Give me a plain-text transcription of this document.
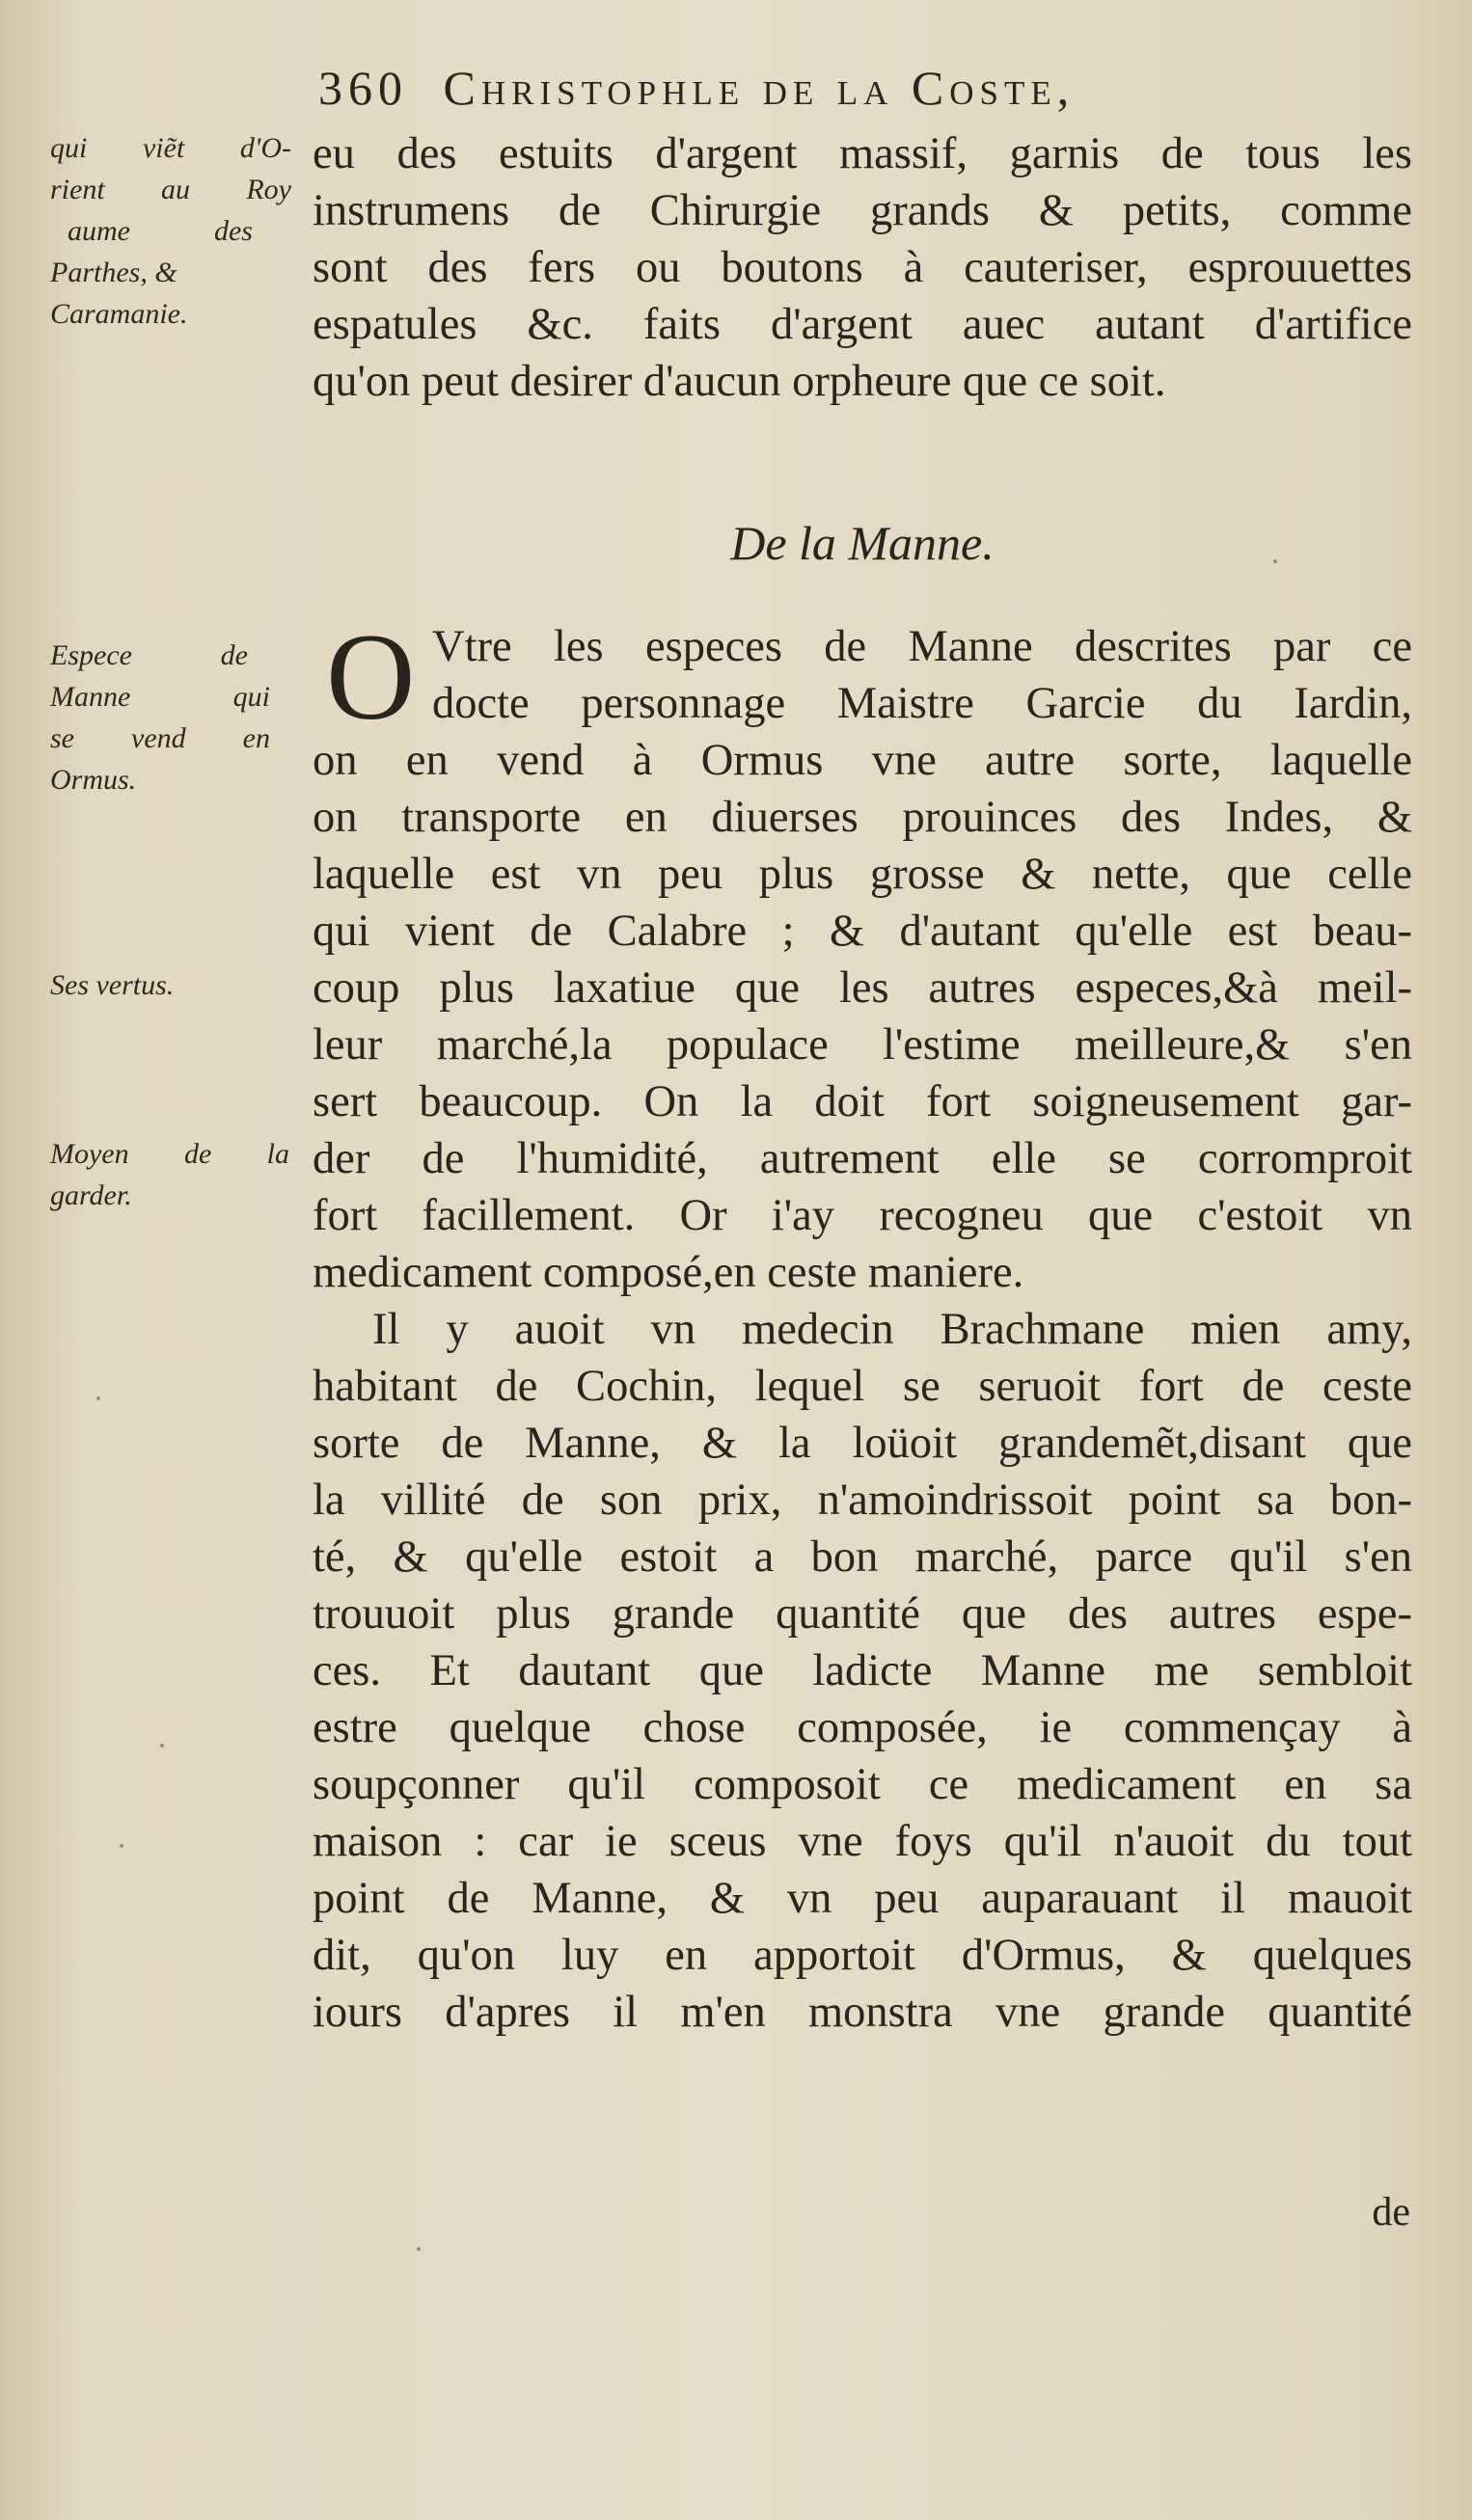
360 Christophle de la Coste,
qui viẽt d'O-
rient au Roy
aume des
Parthes, &
Caramanie.
Espece de
Manne qui
se vend en
Ormus.
Ses vertus.
Moyen de la
garder.
eu des estuits d'argent massif, garnis de tous les
instrumens de Chirurgie grands & petits, comme
sont des fers ou boutons à cauteriser, esprouuettes
espatules &c. faits d'argent auec autant d'artifice
qu'on peut desirer d'aucun orpheure que ce soit.
De la Manne.
O Vtre les especes de Manne descrites par ce
docte personnage Maistre Garcie du Iardin,
on en vend à Ormus vne autre sorte, laquelle
on transporte en diuerses prouinces des Indes, &
laquelle est vn peu plus grosse & nette, que celle
qui vient de Calabre ; & d'autant qu'elle est beau-
coup plus laxatiue que les autres especes,&à meil-
leur marché,la populace l'estime meilleure,& s'en
sert beaucoup. On la doit fort soigneusement gar-
der de l'humidité, autrement elle se corromproit
fort facillement. Or i'ay recogneu que c'estoit vn
medicament composé,en ceste maniere.
Il y auoit vn medecin Brachmane mien amy,
habitant de Cochin, lequel se seruoit fort de ceste
sorte de Manne, & la loüoit grandemẽt,disant que
la villité de son prix, n'amoindrissoit point sa bon-
té, & qu'elle estoit a bon marché, parce qu'il s'en
trouuoit plus grande quantité que des autres espe-
ces. Et dautant que ladicte Manne me sembloit
estre quelque chose composée, ie commençay à
soupçonner qu'il composoit ce medicament en sa
maison : car ie sceus vne foys qu'il n'auoit du tout
point de Manne, & vn peu auparauant il mauoit
dit, qu'on luy en apportoit d'Ormus, & quelques
iours d'apres il m'en monstra vne grande quantité
de
